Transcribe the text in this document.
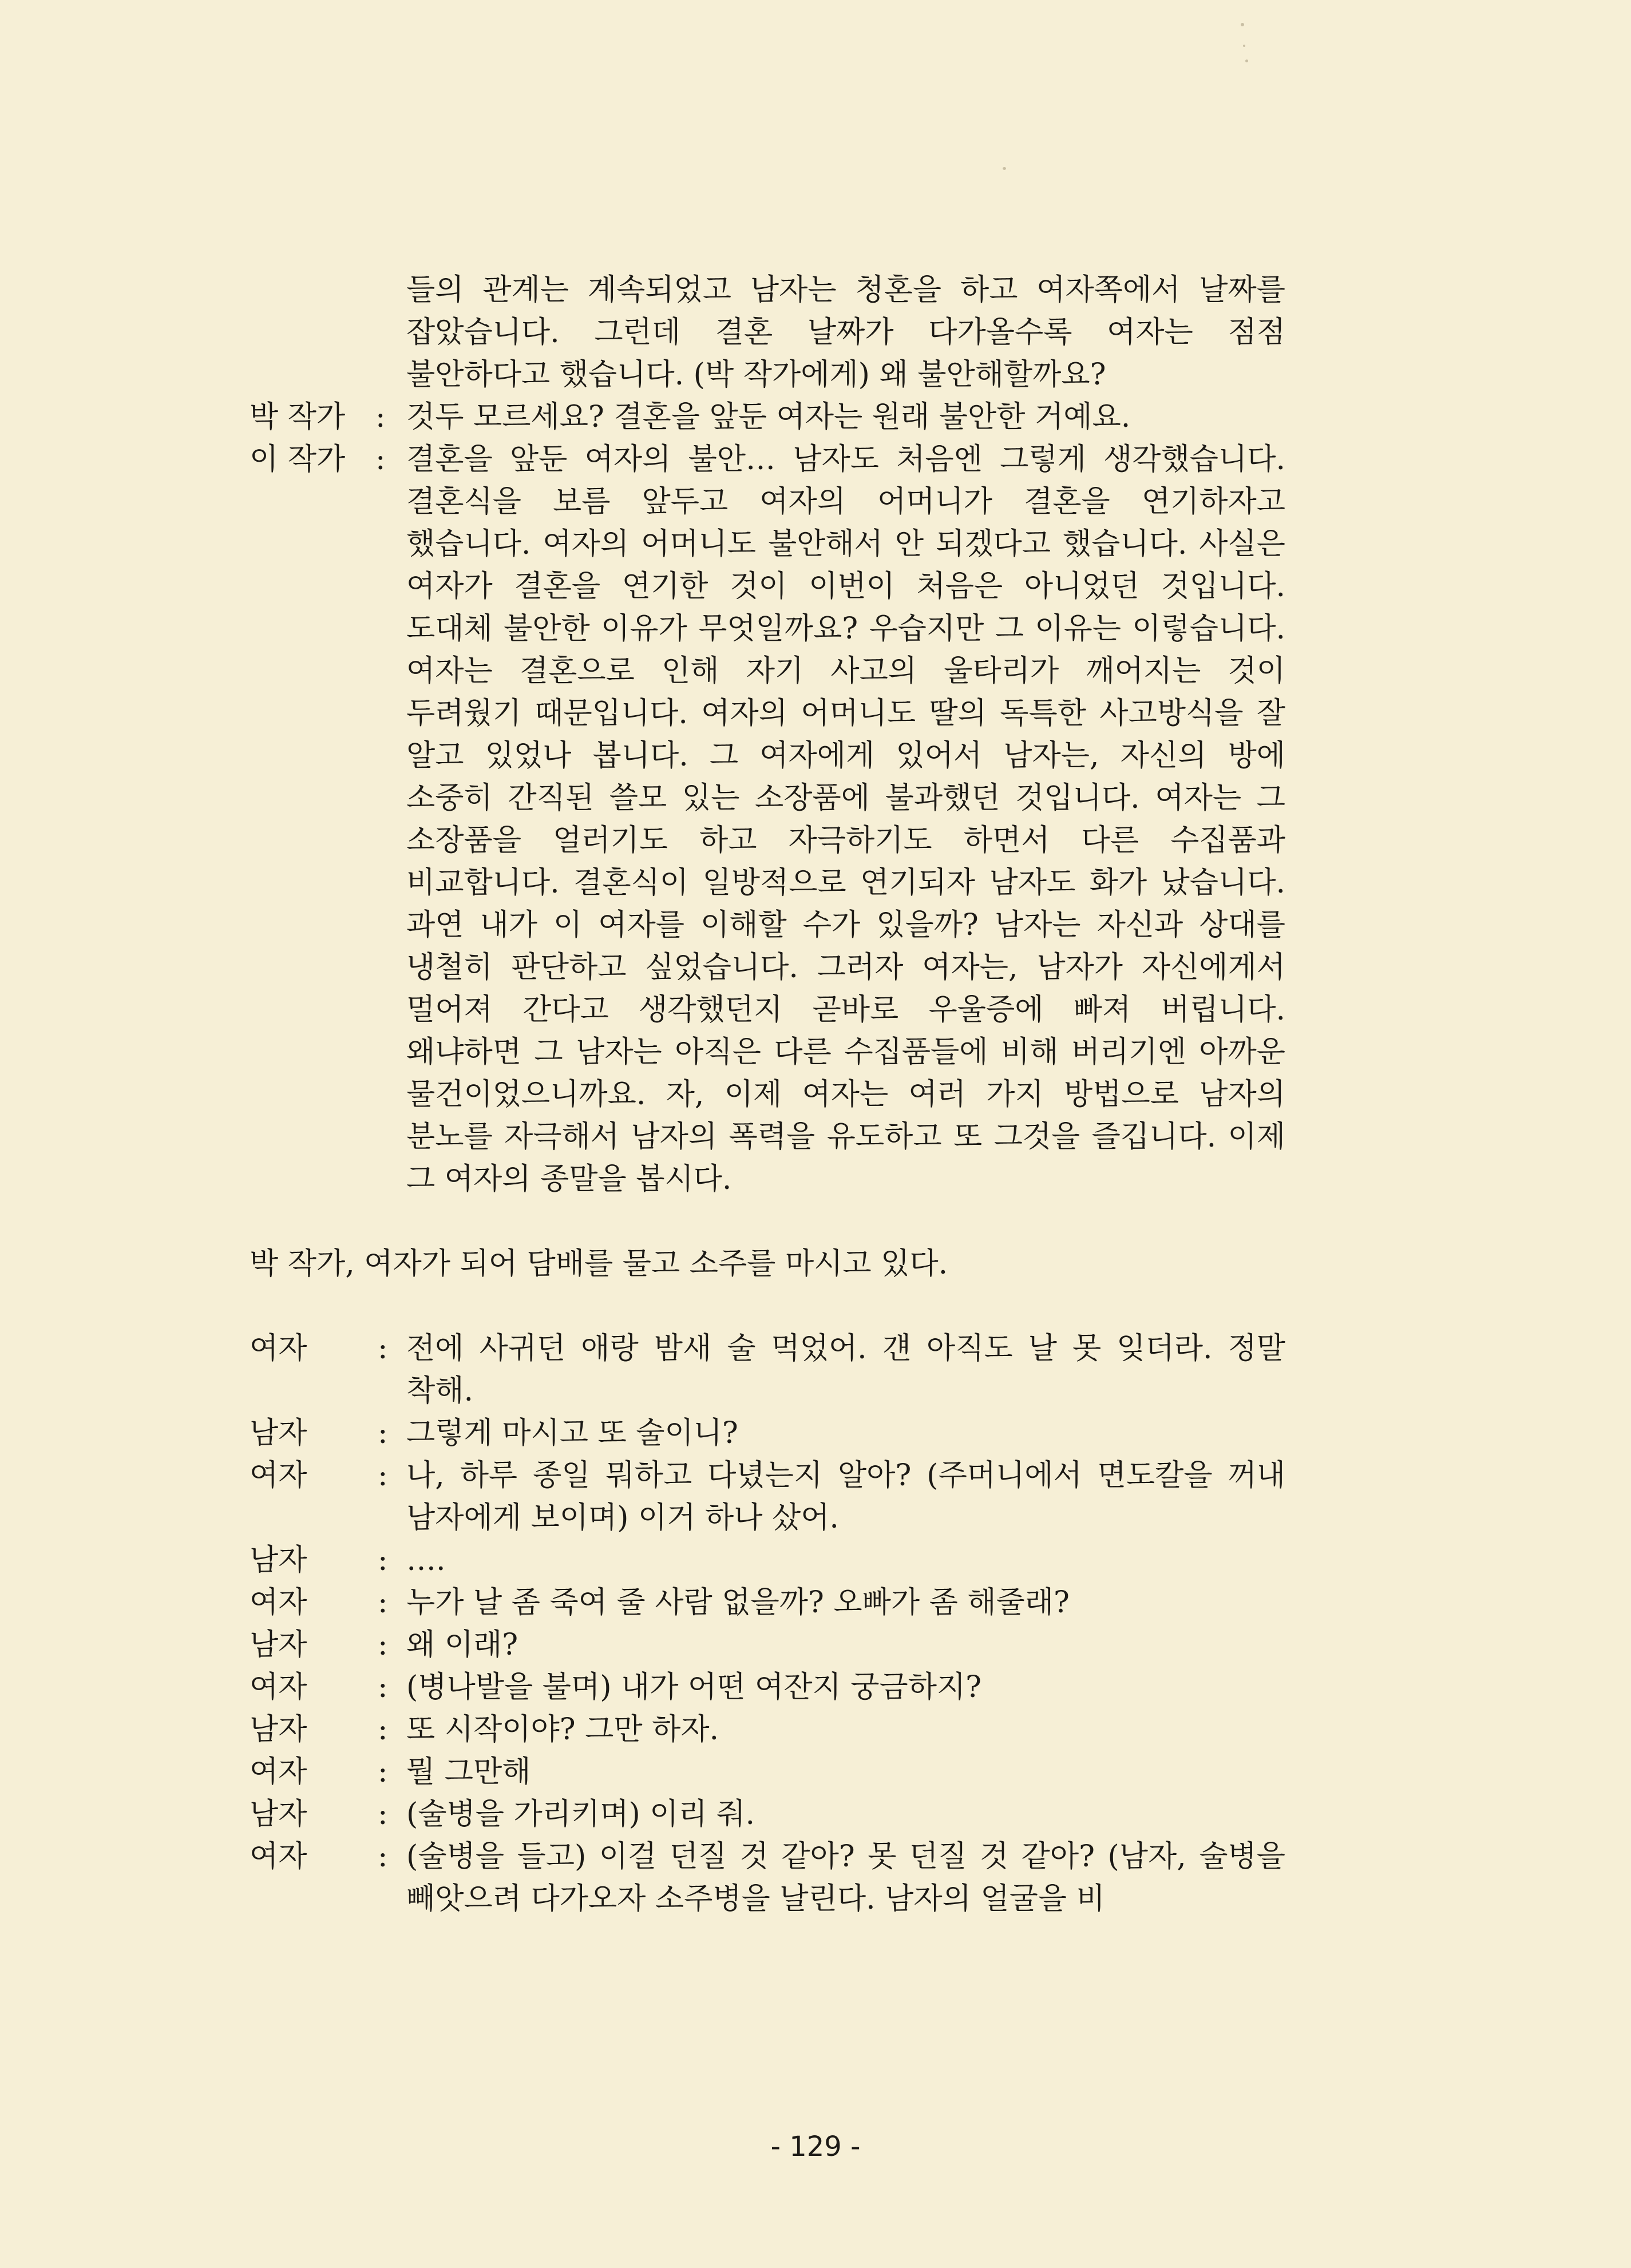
들의 관계는 계속되었고 남자는 청혼을 하고 여자쪽에서 날짜를 잡았습니다. 그런데 결혼 날짜가 다가올수록 여자는 점점 불안하다고 했습니다. (박 작가에게) 왜 불안해할까요?
박 작가	: 것두 모르세요? 결혼을 앞둔 여자는 원래 불안한 거예요.
이 작가	: 결혼을 앞둔 여자의 불안… 남자도 처음엔 그렇게 생각했습니다. 결혼식을 보름 앞두고 여자의 어머니가 결혼을 연기하자고 했습니다. 여자의 어머니도 불안해서 안 되겠다고 했습니다. 사실은 여자가 결혼을 연기한 것이 이번이 처음은 아니었던 것입니다. 도대체 불안한 이유가 무엇일까요? 우습지만 그 이유는 이렇습니다. 여자는 결혼으로 인해 자기 사고의 울타리가 깨어지는 것이 두려웠기 때문입니다. 여자의 어머니도 딸의 독특한 사고방식을 잘 알고 있었나 봅니다. 그 여자에게 있어서 남자는, 자신의 방에 소중히 간직된 쓸모 있는 소장품에 불과했던 것입니다. 여자는 그 소장품을 얼러기도 하고 자극하기도 하면서 다른 수집품과 비교합니다. 결혼식이 일방적으로 연기되자 남자도 화가 났습니다. 과연 내가 이 여자를 이해할 수가 있을까? 남자는 자신과 상대를 냉철히 판단하고 싶었습니다. 그러자 여자는, 남자가 자신에게서 멀어져 간다고 생각했던지 곧바로 우울증에 빠져 버립니다. 왜냐하면 그 남자는 아직은 다른 수집품들에 비해 버리기엔 아까운 물건이었으니까요. 자, 이제 여자는 여러 가지 방법으로 남자의 분노를 자극해서 남자의 폭력을 유도하고 또 그것을 즐깁니다. 이제 그 여자의 종말을 봅시다.
박 작가, 여자가 되어 담배를 물고 소주를 마시고 있다.
여자	: 전에 사귀던 애랑 밤새 술 먹었어. 걘 아직도 날 못 잊더라. 정말 착해.
남자	: 그렇게 마시고 또 술이니?
여자	: 나, 하루 종일 뭐하고 다녔는지 알아? (주머니에서 면도칼을 꺼내 남자에게 보이며) 이거 하나 샀어.
남자	: ….
여자	: 누가 날 좀 죽여 줄 사람 없을까? 오빠가 좀 해줄래?
남자	: 왜 이래?
여자	: (병나발을 불며) 내가 어떤 여잔지 궁금하지?
남자	: 또 시작이야? 그만 하자.
여자	: 뭘 그만해
남자	: (술병을 가리키며) 이리 줘.
여자	: (술병을 들고) 이걸 던질 것 같아? 못 던질 것 같아? (남자, 술병을 빼앗으려 다가오자 소주병을 날린다. 남자의 얼굴을 비
- 129 -
